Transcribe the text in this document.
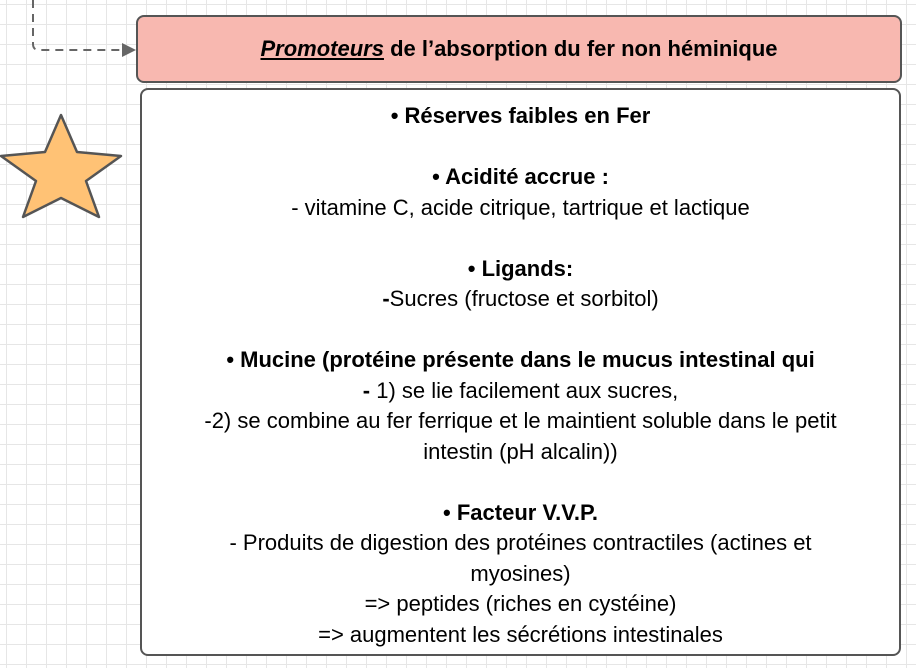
Promoteurs de l’absorption du fer non héminique
• Réserves faibles en Fer
• Acidité accrue :
- vitamine C, acide citrique, tartrique et lactique
• Ligands:
-Sucres (fructose et sorbitol)
• Mucine (protéine présente dans le mucus intestinal qui
- 1) se lie facilement aux sucres,
-2) se combine au fer ferrique et le maintient soluble dans le petit
intestin (pH alcalin))
• Facteur V.V.P.
- Produits de digestion des protéines contractiles (actines et
myosines)
=> peptides (riches en cystéine)
=> augmentent les sécrétions intestinales
